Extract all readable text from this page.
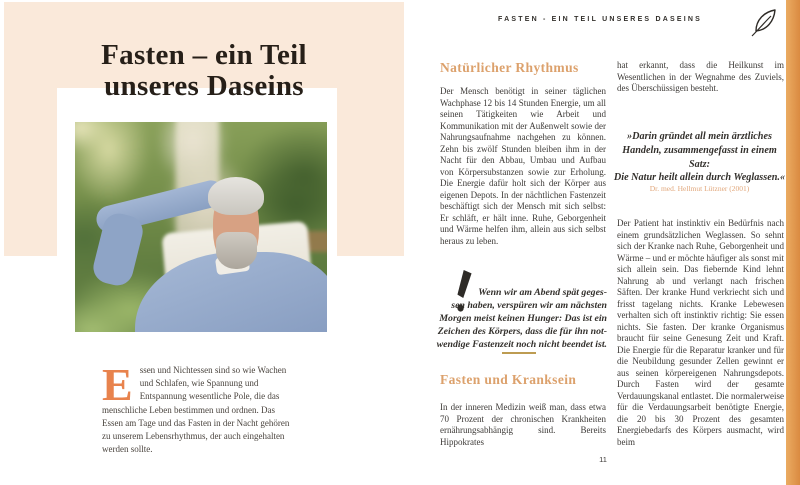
Fasten – ein Teil
unseres Daseins

Essen und Nichtessen sind so wie Wachen und Schlafen, wie Spannung und Entspannung wesentliche Pole, die das menschliche Leben bestimmen und ordnen. Das Essen am Tage und das Fasten in der Nacht gehören zu unserem Lebensrhythmus, der auch eingehalten werden sollte.

FASTEN - EIN TEIL UNSERES DASEINS
Natürlicher Rhythmus

Der Mensch benötigt in seiner täglichen Wachphase 12 bis 14 Stunden Energie, um all seinen Tätigkeiten wie Arbeit und Kommunikation mit der Außenwelt sowie der Nahrungsaufnahme nachgehen zu können. Zehn bis zwölf Stunden bleiben ihm in der Nacht für den Abbau, Umbau und Aufbau von Körpersubstanzen sowie zur Erholung. Die Energie dafür holt sich der Körper aus eigenen Depots. In der nächtlichen Fastenzeit beschäftigt sich der Mensch mit sich selbst: Er schläft, er hält inne. Ruhe, Geborgenheit und Wärme helfen ihm, allein aus sich selbst heraus zu leben.

Wenn wir am Abend spät geges-
sen haben, verspüren wir am nächsten
Morgen meist keinen Hunger: Das ist ein
Zeichen des Körpers, dass die für ihn not-
wendige Fastenzeit noch nicht beendet ist.
Fasten und Kranksein

In der inneren Medizin weiß man, dass etwa 70 Prozent der chronischen Krankheiten ernährungsabhängig sind. Bereits Hippokrates

hat erkannt, dass die Heilkunst im Wesentlichen in der Wegnahme des Zuviels, des Überschüssigen besteht.

»Darin gründet all mein ärztliches
Handeln, zusammengefasst in einem Satz:
Die Natur heilt allein durch Weglassen.«
Dr. med. Hellmut Lützner (2001)

Der Patient hat instinktiv ein Bedürfnis nach einem grundsätzlichen Weglassen. So sehnt sich der Kranke nach Ruhe, Geborgenheit und Wärme – und er möchte häufiger als sonst mit sich allein sein. Das fiebernde Kind lehnt Nahrung ab und verlangt nach frischen Säften. Der kranke Hund verkriecht sich und frisst tagelang nichts. Kranke Lebewesen verhalten sich oft instinktiv richtig: Sie essen nichts. Sie fasten. Der kranke Organismus braucht für seine Genesung Zeit und Kraft. Die Energie für die Reparatur kranker und für die Neubildung gesunder Zellen gewinnt er aus seinen körpereigenen Nahrungsdepots. Durch Fasten wird der gesamte Verdauungskanal entlastet. Die normalerweise für die Verdauungsarbeit benötigte Energie, die 20 bis 30 Prozent des gesamten Energiebedarfs des Körpers ausmacht, wird beim

11
